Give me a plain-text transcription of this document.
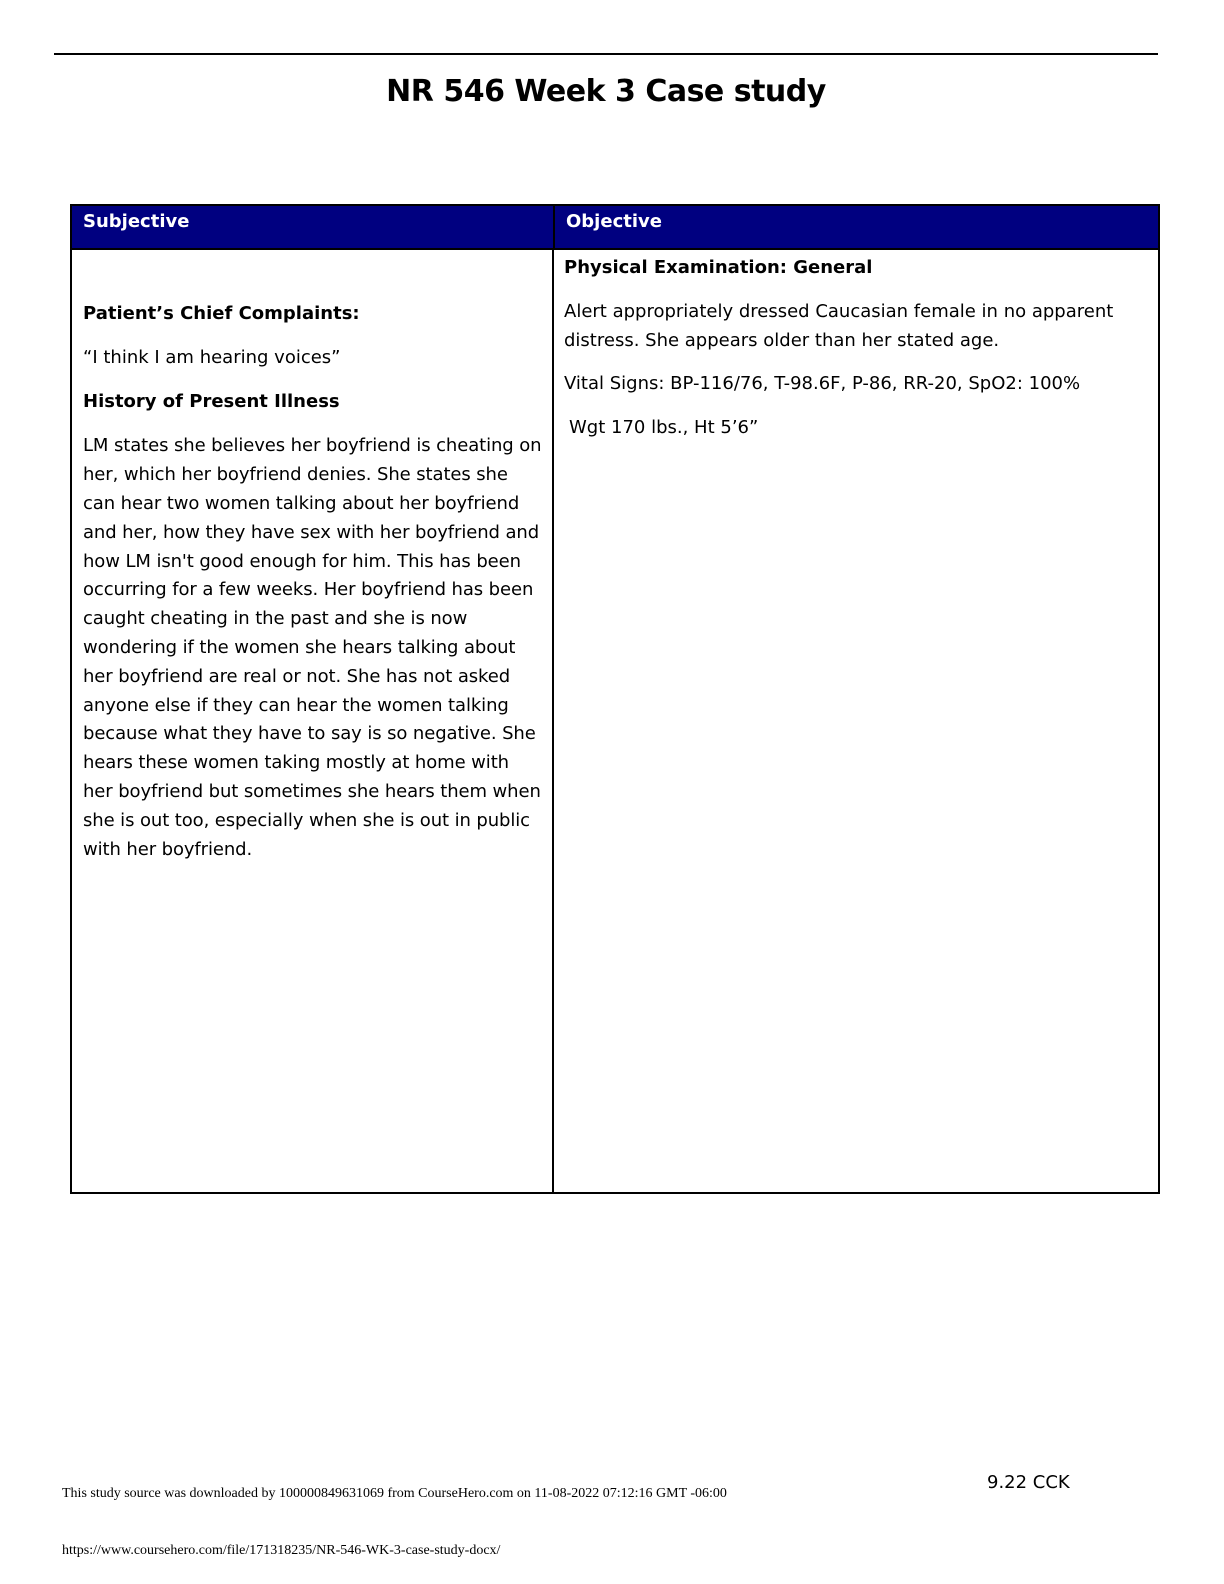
NR 546 Week 3 Case study
Subjective	Objective

Patient’s Chief Complaints:

“I think I am hearing voices”

History of Present Illness

LM states she believes her boyfriend is cheating on her, which her boyfriend denies. She states she can hear two women talking about her boyfriend and her, how they have sex with her boyfriend and how LM isn't good enough for him. This has been occurring for a few weeks. Her boyfriend has been caught cheating in the past and she is now wondering if the women she hears talking about her boyfriend are real or not. She has not asked anyone else if they can hear the women talking because what they have to say is so negative. She hears these women taking mostly at home with her boyfriend but sometimes she hears them when she is out too, especially when she is out in public with her boyfriend.

Physical Examination: General

Alert appropriately dressed Caucasian female in no apparent distress. She appears older than her stated age.

Vital Signs: BP-116/76, T-98.6F, P-86, RR-20, SpO2: 100%

Wgt 170 lbs., Ht 5’6”

9.22 CCK
This study source was downloaded by 100000849631069 from CourseHero.com on 11-08-2022 07:12:16 GMT -06:00
https://www.coursehero.com/file/171318235/NR-546-WK-3-case-study-docx/
